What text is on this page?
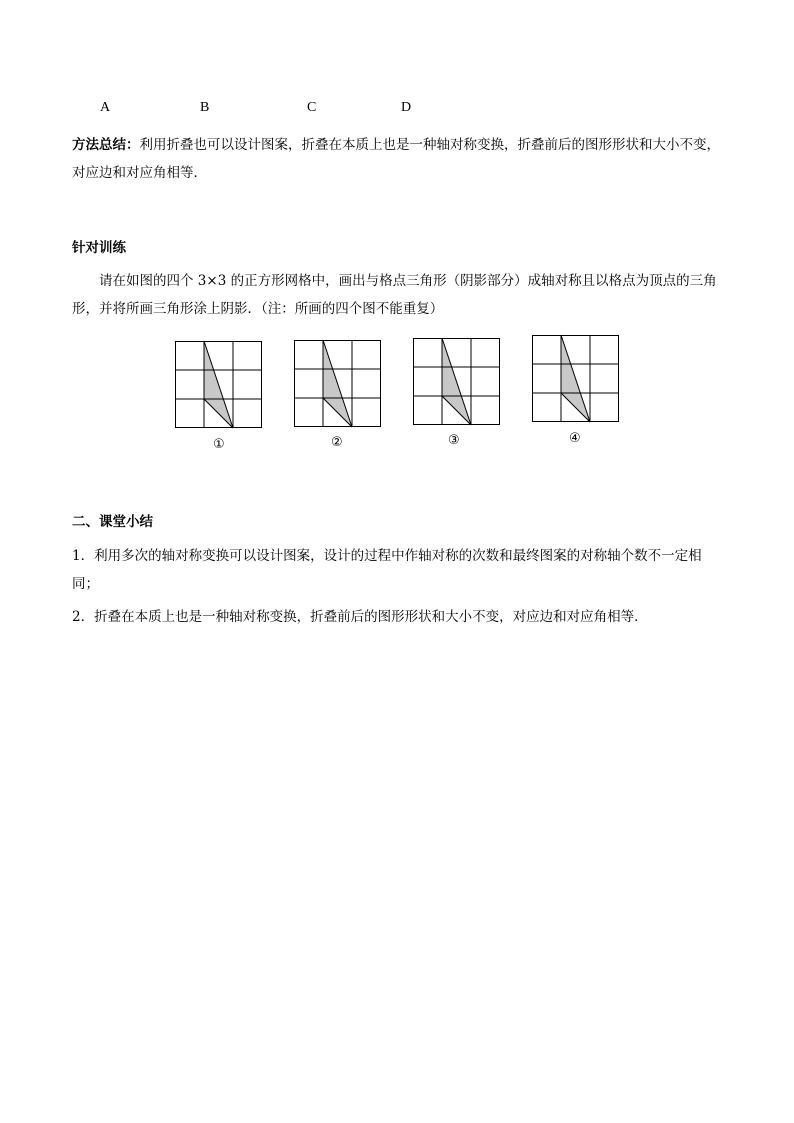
A	B	C	D
方法总结：利用折叠也可以设计图案，折叠在本质上也是一种轴对称变换，折叠前后的图形形状和大小不变，对应边和对应角相等．
针对训练
请在如图的四个 3×3 的正方形网格中，画出与格点三角形（阴影部分）成轴对称且以格点为顶点的三角形，并将所画三角形涂上阴影．（注：所画的四个图不能重复）
①	②	③	④
二、课堂小结
1．利用多次的轴对称变换可以设计图案，设计的过程中作轴对称的次数和最终图案的对称轴个数不一定相同；
2．折叠在本质上也是一种轴对称变换，折叠前后的图形形状和大小不变，对应边和对应角相等．
